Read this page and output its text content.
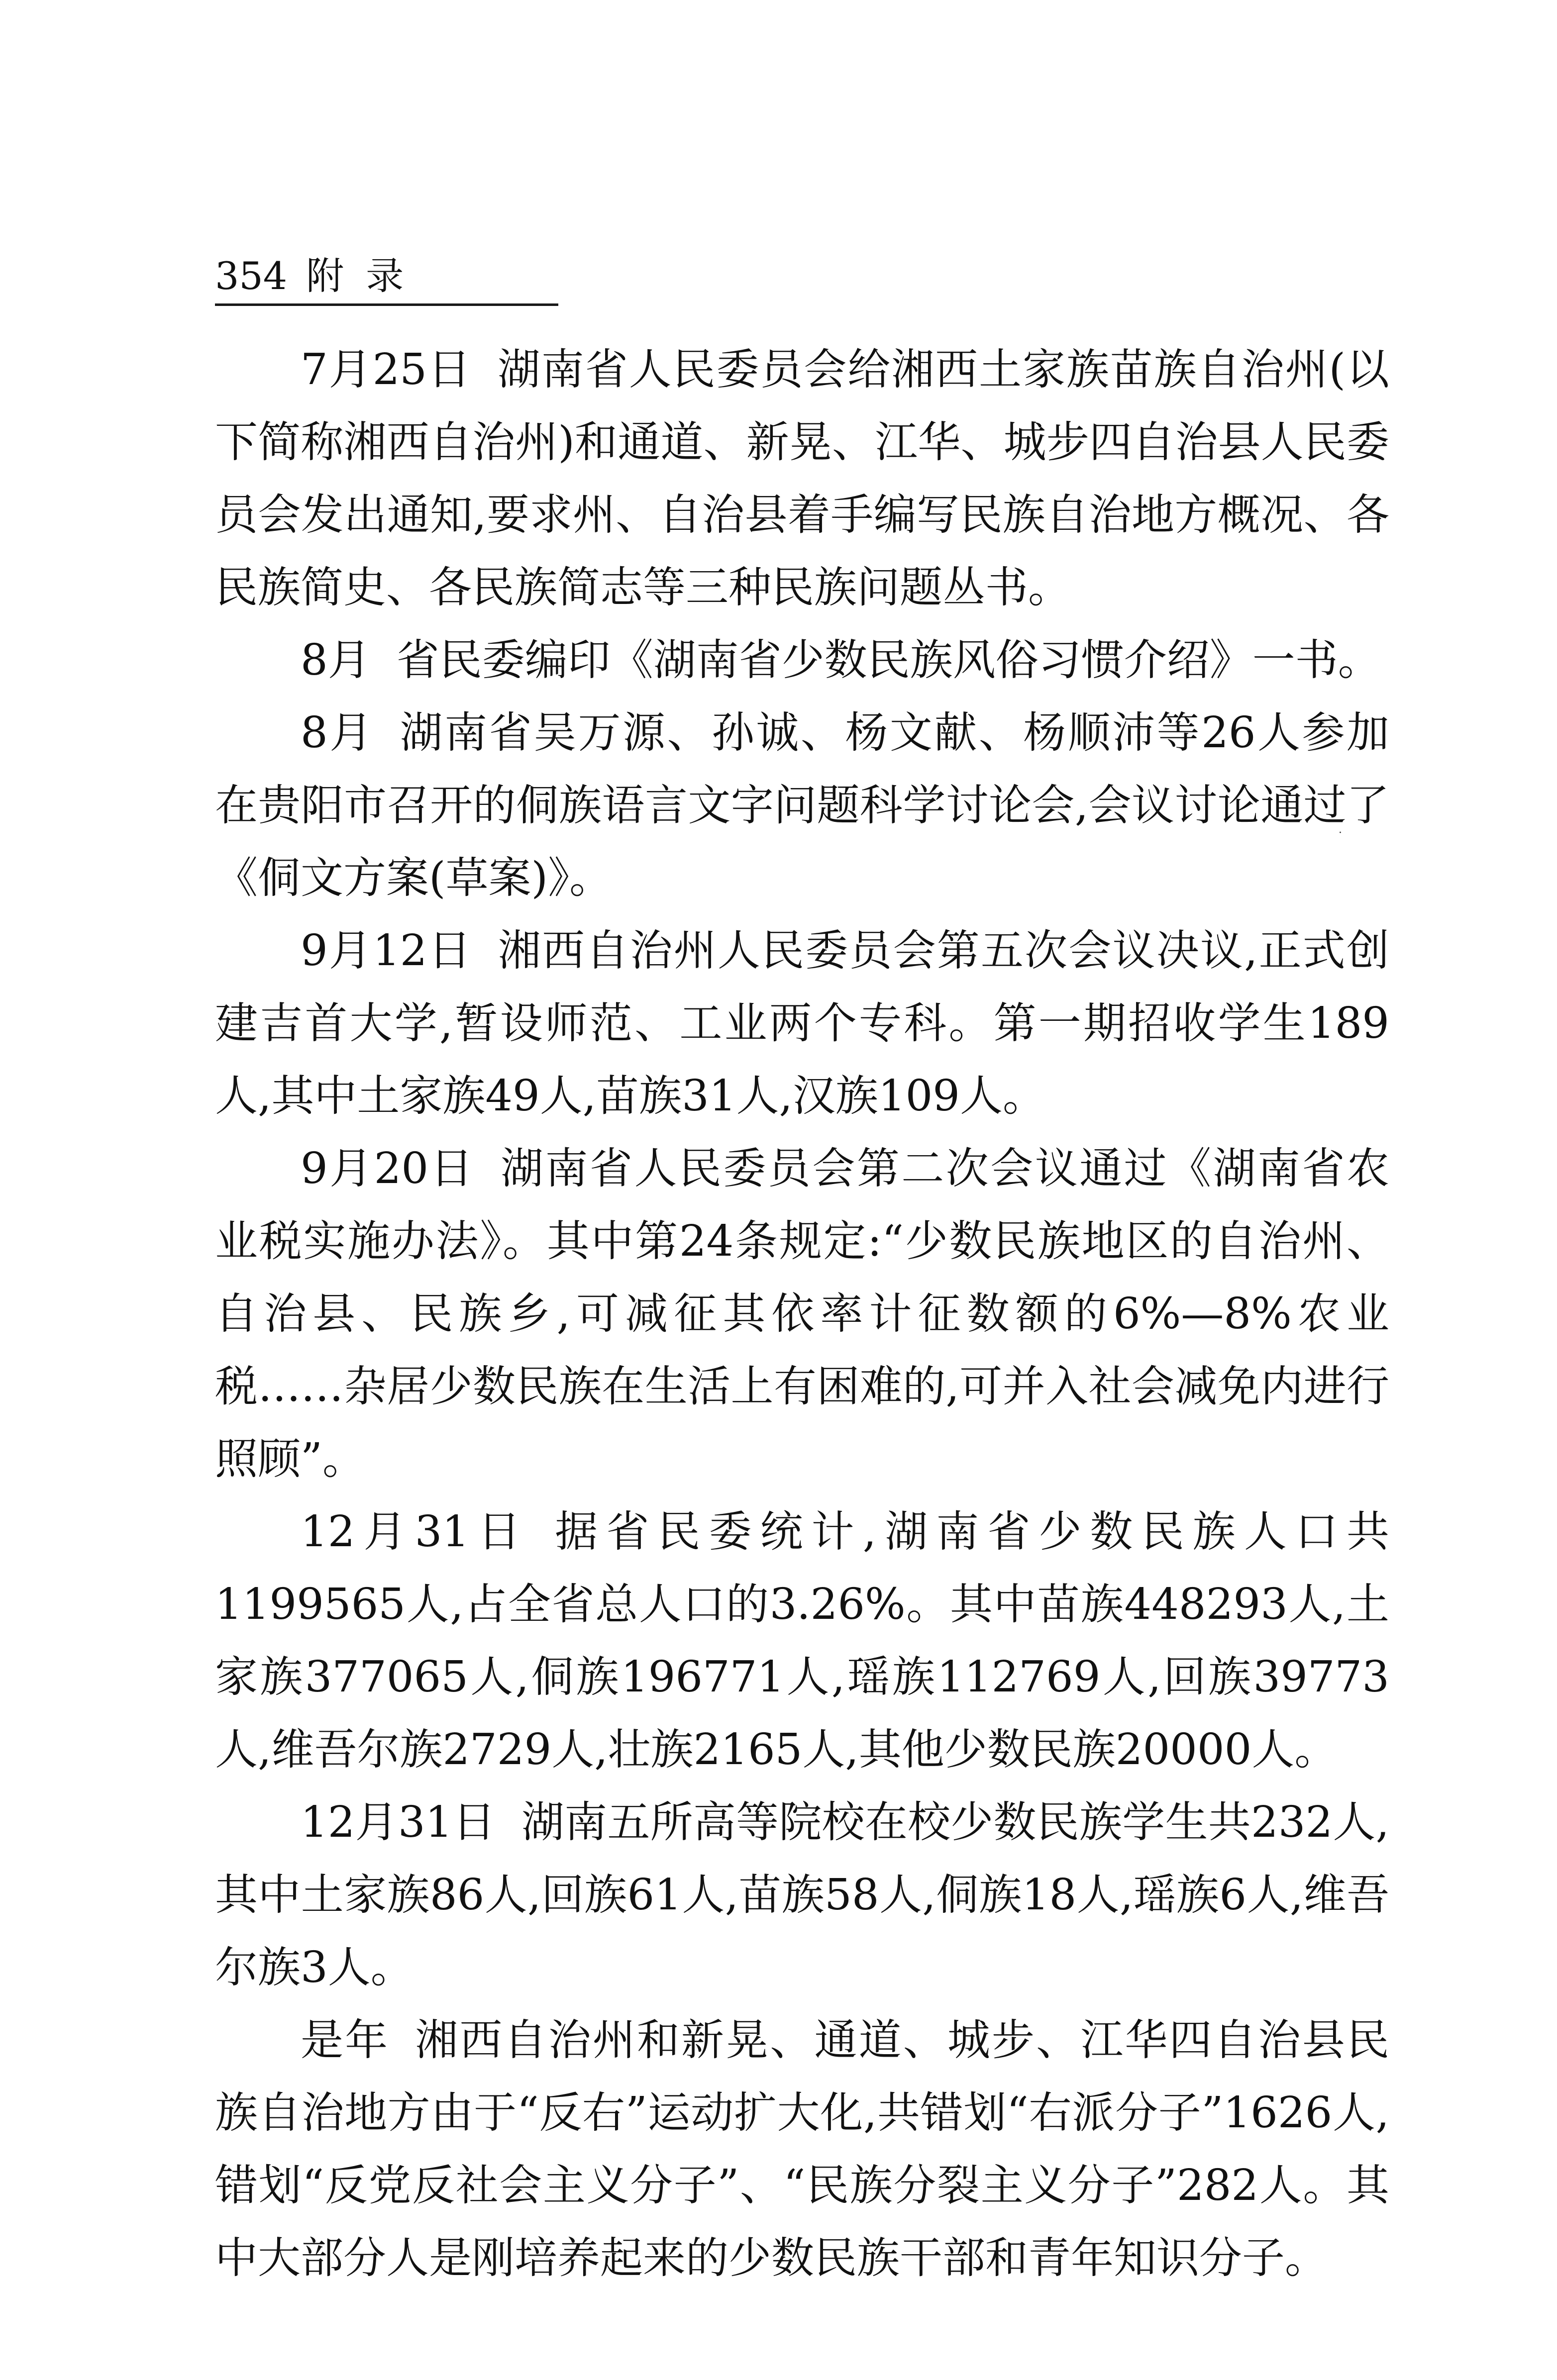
354 附录

7月25日 湖南省人民委员会给湘西土家族苗族自治州(以下简称湘西自治州)和通道、新晃、江华、城步四自治县人民委员会发出通知,要求州、自治县着手编写民族自治地方概况、各民族简史、各民族简志等三种民族问题丛书。

8月 省民委编印《湖南省少数民族风俗习惯介绍》一书。

8月 湖南省吴万源、孙诚、杨文献、杨顺沛等26人参加在贵阳市召开的侗族语言文字问题科学讨论会,会议讨论通过了《侗文方案(草案)》。

9月12日 湘西自治州人民委员会第五次会议决议,正式创建吉首大学,暂设师范、工业两个专科。第一期招收学生189人,其中土家族49人,苗族31人,汉族109人。

9月20日 湖南省人民委员会第二次会议通过《湖南省农业税实施办法》。其中第24条规定:“少数民族地区的自治州、自治县、民族乡,可减征其依率计征数额的6%—8%农业税……杂居少数民族在生活上有困难的,可并入社会减免内进行照顾”。

12月31日 据省民委统计,湖南省少数民族人口共1199565人,占全省总人口的3.26%。其中苗族448293人,土家族377065人,侗族196771人,瑶族112769人,回族39773人,维吾尔族2729人,壮族2165人,其他少数民族20000人。

12月31日 湖南五所高等院校在校少数民族学生共232人,其中土家族86人,回族61人,苗族58人,侗族18人,瑶族6人,维吾尔族3人。

是年 湘西自治州和新晃、通道、城步、江华四自治县民族自治地方由于“反右”运动扩大化,共错划“右派分子”1626人,错划“反党反社会主义分子”、“民族分裂主义分子”282人。其中大部分人是刚培养起来的少数民族干部和青年知识分子。

·
